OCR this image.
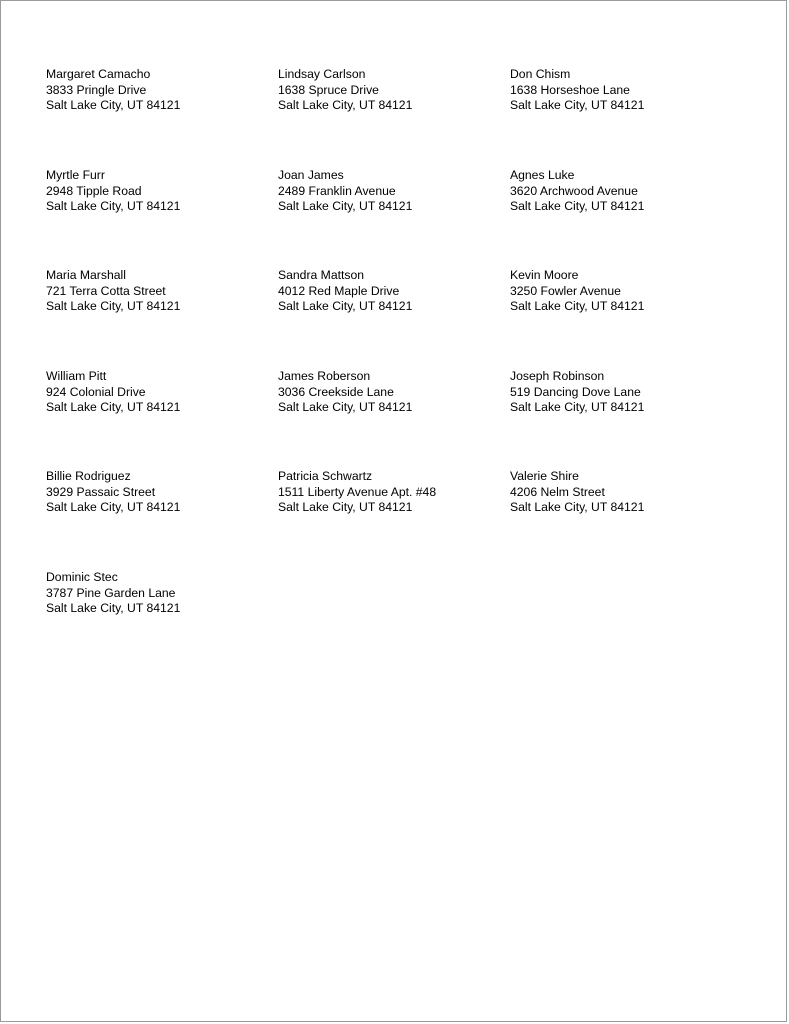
Margaret Camacho
3833 Pringle Drive
Salt Lake City, UT 84121
Lindsay Carlson
1638 Spruce Drive
Salt Lake City, UT 84121
Don Chism
1638 Horseshoe Lane
Salt Lake City, UT 84121
Myrtle Furr
2948 Tipple Road
Salt Lake City, UT 84121
Joan James
2489 Franklin Avenue
Salt Lake City, UT 84121
Agnes Luke
3620 Archwood Avenue
Salt Lake City, UT 84121
Maria Marshall
721 Terra Cotta Street
Salt Lake City, UT 84121
Sandra Mattson
4012 Red Maple Drive
Salt Lake City, UT 84121
Kevin Moore
3250 Fowler Avenue
Salt Lake City, UT 84121
William Pitt
924 Colonial Drive
Salt Lake City, UT 84121
James Roberson
3036 Creekside Lane
Salt Lake City, UT 84121
Joseph Robinson
519 Dancing Dove Lane
Salt Lake City, UT 84121
Billie Rodriguez
3929 Passaic Street
Salt Lake City, UT 84121
Patricia Schwartz
1511 Liberty Avenue Apt. #48
Salt Lake City, UT 84121
Valerie Shire
4206 Nelm Street
Salt Lake City, UT 84121
Dominic Stec
3787 Pine Garden Lane
Salt Lake City, UT 84121
